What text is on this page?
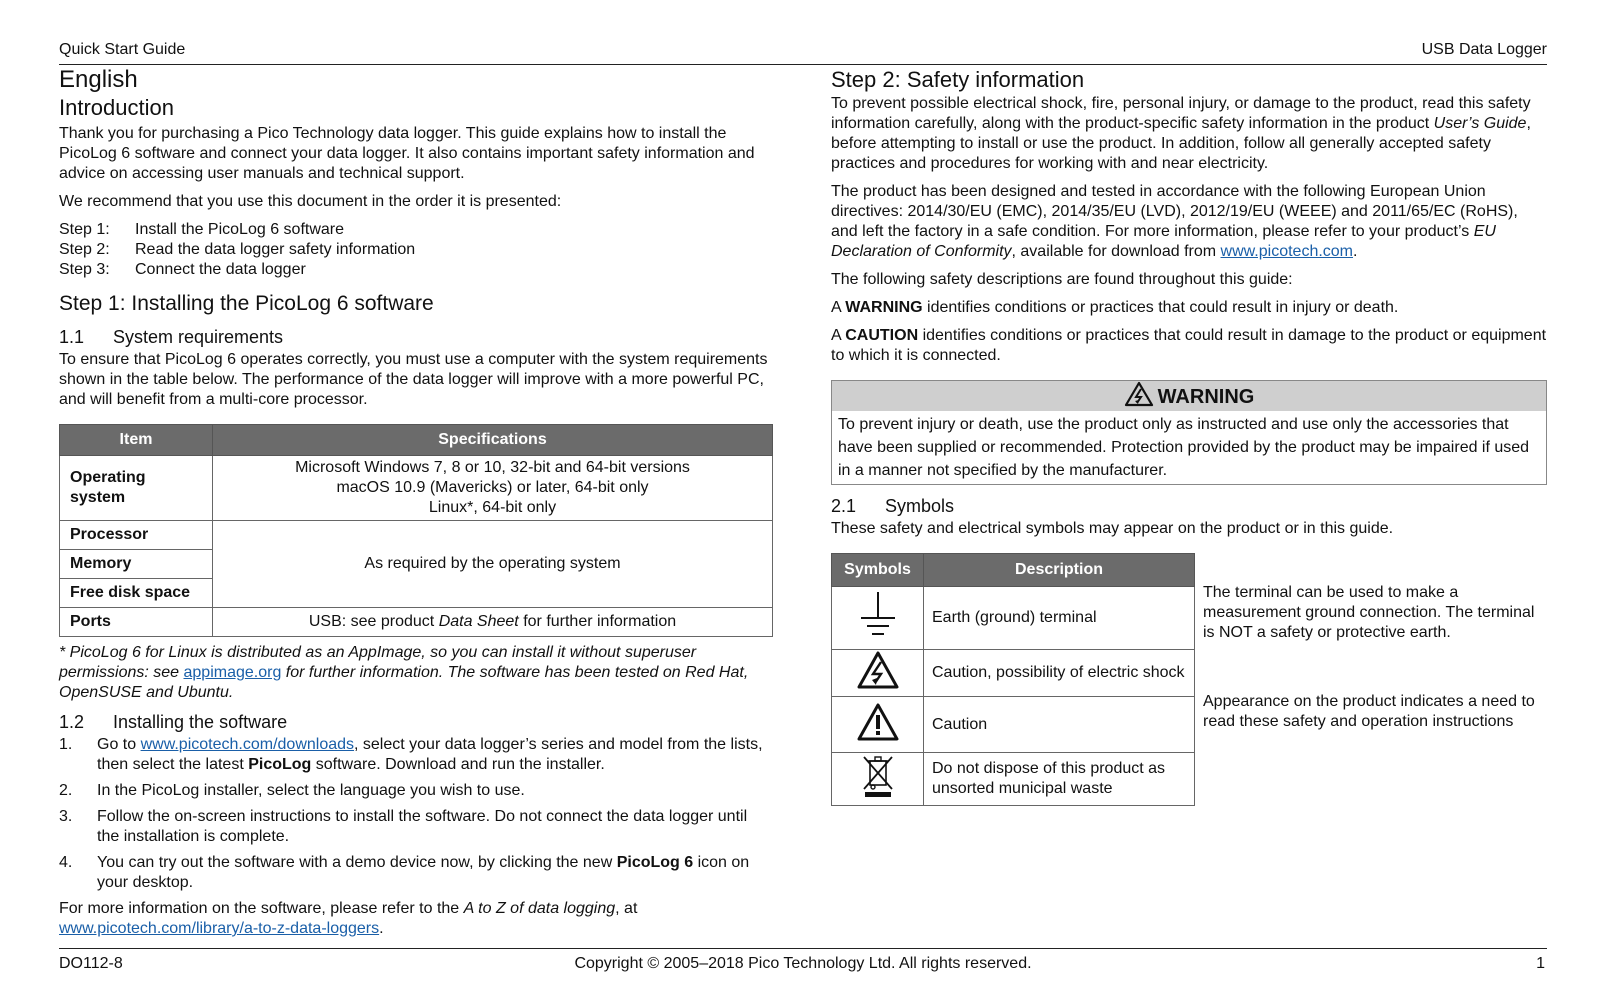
Quick Start Guide	USB Data Logger
English
Introduction

Thank you for purchasing a Pico Technology data logger. This guide explains how to install the PicoLog 6 software and connect your data logger. It also contains important safety information and advice on accessing user manuals and technical support.

We recommend that you use this document in the order it is presented:

Step 1: Install the PicoLog 6 software
Step 2: Read the data logger safety information
Step 3: Connect the data logger
Step 1: Installing the PicoLog 6 software
1.1 System requirements

To ensure that PicoLog 6 operates correctly, you must use a computer with the system requirements shown in the table below. The performance of the data logger will improve with a more powerful PC, and will benefit from a multi-core processor.

Item	Specifications
Operating system	Microsoft Windows 7, 8 or 10, 32-bit and 64-bit versions
macOS 10.9 (Mavericks) or later, 64-bit only
Linux*, 64-bit only

Processor	As required by the operating system
Memory	
Free disk space	
Ports	USB: see product Data Sheet for further information

* PicoLog 6 for Linux is distributed as an AppImage, so you can install it without superuser permissions: see appimage.org for further information. The software has been tested on Red Hat, OpenSUSE and Ubuntu.

1.2 Installing the software
1. Go to www.picotech.com/downloads, select your data logger’s series and model from the lists, then select the latest PicoLog software. Download and run the installer.
2. In the PicoLog installer, select the language you wish to use.
3. Follow the on-screen instructions to install the software. Do not connect the data logger until the installation is complete.
4. You can try out the software with a demo device now, by clicking the new PicoLog 6 icon on your desktop.

For more information on the software, please refer to the A to Z of data logging, at www.picotech.com/library/a-to-z-data-loggers.

Step 2: Safety information

To prevent possible electrical shock, fire, personal injury, or damage to the product, read this safety information carefully, along with the product-specific safety information in the product User’s Guide, before attempting to install or use the product. In addition, follow all generally accepted safety practices and procedures for working with and near electricity.

The product has been designed and tested in accordance with the following European Union directives: 2014/30/EU (EMC), 2014/35/EU (LVD), 2012/19/EU (WEEE) and 2011/65/EC (RoHS), and left the factory in a safe condition. For more information, please refer to your product’s EU Declaration of Conformity, available for download from www.picotech.com.

The following safety descriptions are found throughout this guide:

A WARNING identifies conditions or practices that could result in injury or death.

A CAUTION identifies conditions or practices that could result in damage to the product or equipment to which it is connected.

WARNING
To prevent injury or death, use the product only as instructed and use only the accessories that have been supplied or recommended. Protection provided by the product may be impaired if used in a manner not specified by the manufacturer.
2.1 Symbols

These safety and electrical symbols may appear on the product or in this guide.

Symbols	Description
	Earth (ground) terminal
	Caution, possibility of electric shock
	Caution
	Do not dispose of this product as unsorted municipal waste
The terminal can be used to make a measurement ground connection. The terminal is NOT a safety or protective earth.
Appearance on the product indicates a need to read these safety and operation instructions
DO112-8	Copyright © 2005–2018 Pico Technology Ltd. All rights reserved.	1
